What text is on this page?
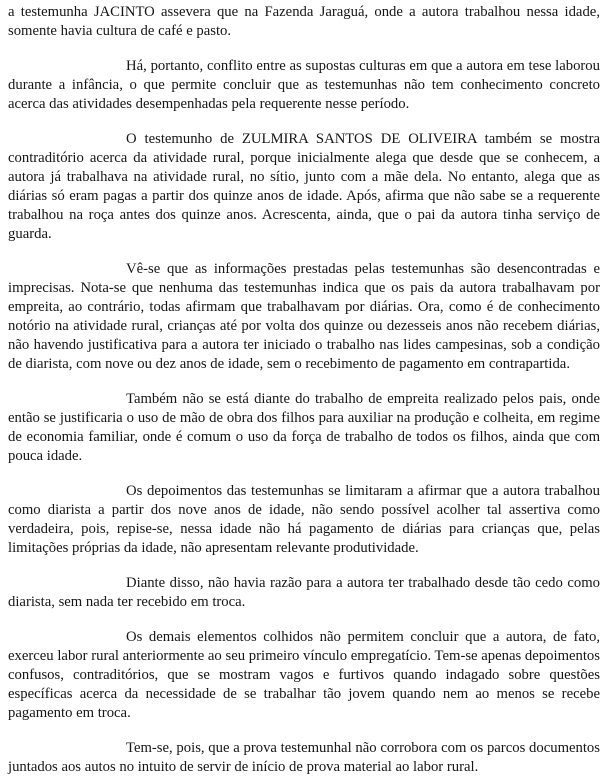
a testemunha JACINTO assevera que na Fazenda Jaraguá, onde a autora trabalhou nessa idade, somente havia cultura de café e pasto.

Há, portanto, conflito entre as supostas culturas em que a autora em tese laborou durante a infância, o que permite concluir que as testemunhas não tem conhecimento concreto acerca das atividades desempenhadas pela requerente nesse período.

O testemunho de ZULMIRA SANTOS DE OLIVEIRA também se mostra contraditório acerca da atividade rural, porque inicialmente alega que desde que se conhecem, a autora já trabalhava na atividade rural, no sítio, junto com a mãe dela. No entanto, alega que as diárias só eram pagas a partir dos quinze anos de idade. Após, afirma que não sabe se a requerente trabalhou na roça antes dos quinze anos. Acrescenta, ainda, que o pai da autora tinha serviço de guarda.

Vê-se que as informações prestadas pelas testemunhas são desencontradas e imprecisas. Nota-se que nenhuma das testemunhas indica que os pais da autora trabalhavam por empreita, ao contrário, todas afirmam que trabalhavam por diárias. Ora, como é de conhecimento notório na atividade rural, crianças até por volta dos quinze ou dezesseis anos não recebem diárias, não havendo justificativa para a autora ter iniciado o trabalho nas lides campesinas, sob a condição de diarista, com nove ou dez anos de idade, sem o recebimento de pagamento em contrapartida.

Também não se está diante do trabalho de empreita realizado pelos pais, onde então se justificaria o uso de mão de obra dos filhos para auxiliar na produção e colheita, em regime de economia familiar, onde é comum o uso da força de trabalho de todos os filhos, ainda que com pouca idade.

Os depoimentos das testemunhas se limitaram a afirmar que a autora trabalhou como diarista a partir dos nove anos de idade, não sendo possível acolher tal assertiva como verdadeira, pois, repise-se, nessa idade não há pagamento de diárias para crianças que, pelas limitações próprias da idade, não apresentam relevante produtividade.

Diante disso, não havia razão para a autora ter trabalhado desde tão cedo como diarista, sem nada ter recebido em troca.

Os demais elementos colhidos não permitem concluir que a autora, de fato, exerceu labor rural anteriormente ao seu primeiro vínculo empregatício. Tem-se apenas depoimentos confusos, contraditórios, que se mostram vagos e furtivos quando indagado sobre questões específicas acerca da necessidade de se trabalhar tão jovem quando nem ao menos se recebe pagamento em troca.

Tem-se, pois, que a prova testemunhal não corrobora com os parcos documentos juntados aos autos no intuito de servir de início de prova material ao labor rural.
